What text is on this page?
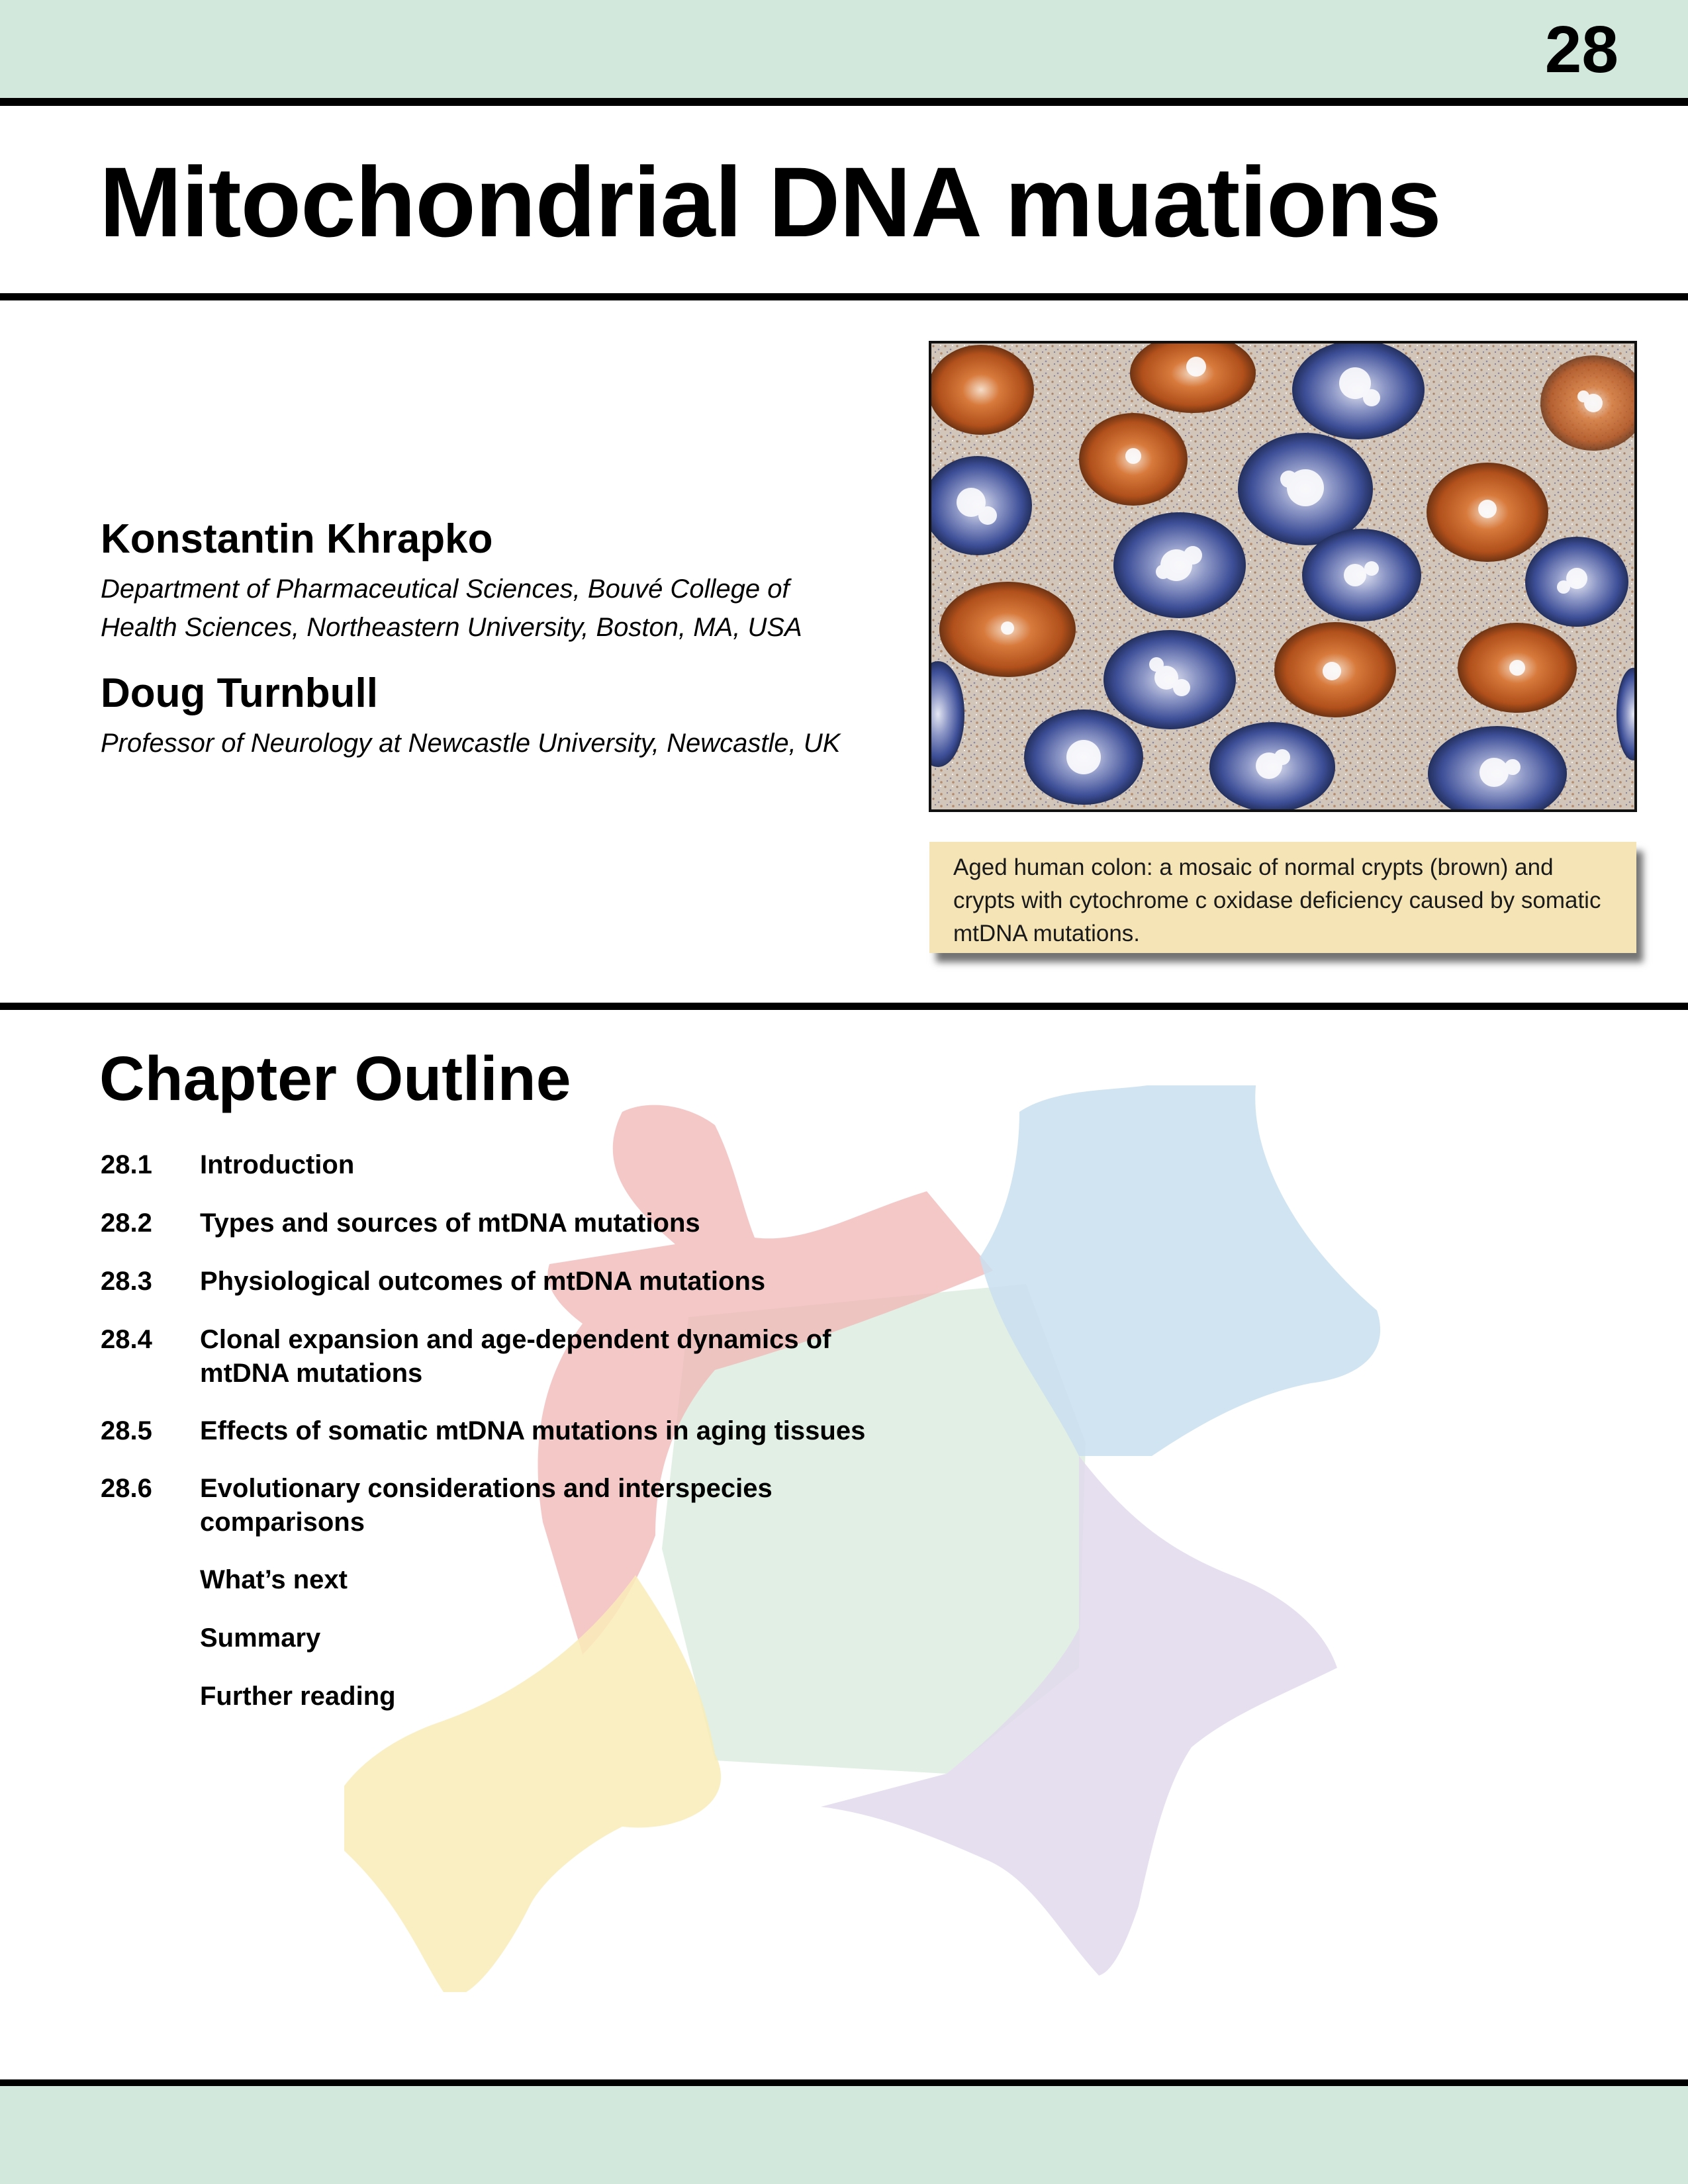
28

Mitochondrial DNA muations

Konstantin Khrapko

Department of Pharmaceutical Sciences, Bouvé College of Health Sciences, Northeastern University, Boston, MA, USA

Doug Turnbull

Professor of Neurology at Newcastle University, Newcastle, UK

Aged human colon: a mosaic of normal crypts (brown) and crypts with cytochrome c oxidase deficiency caused by somatic mtDNA mutations.

Chapter Outline
28.1 Introduction
28.2 Types and sources of mtDNA mutations
28.3 Physiological outcomes of mtDNA mutations
28.4 Clonal expansion and age-dependent dynamics of mtDNA mutations
28.5 Effects of somatic mtDNA mutations in aging tissues
28.6 Evolutionary considerations and interspecies comparisons
What’s next
Summary
Further reading
